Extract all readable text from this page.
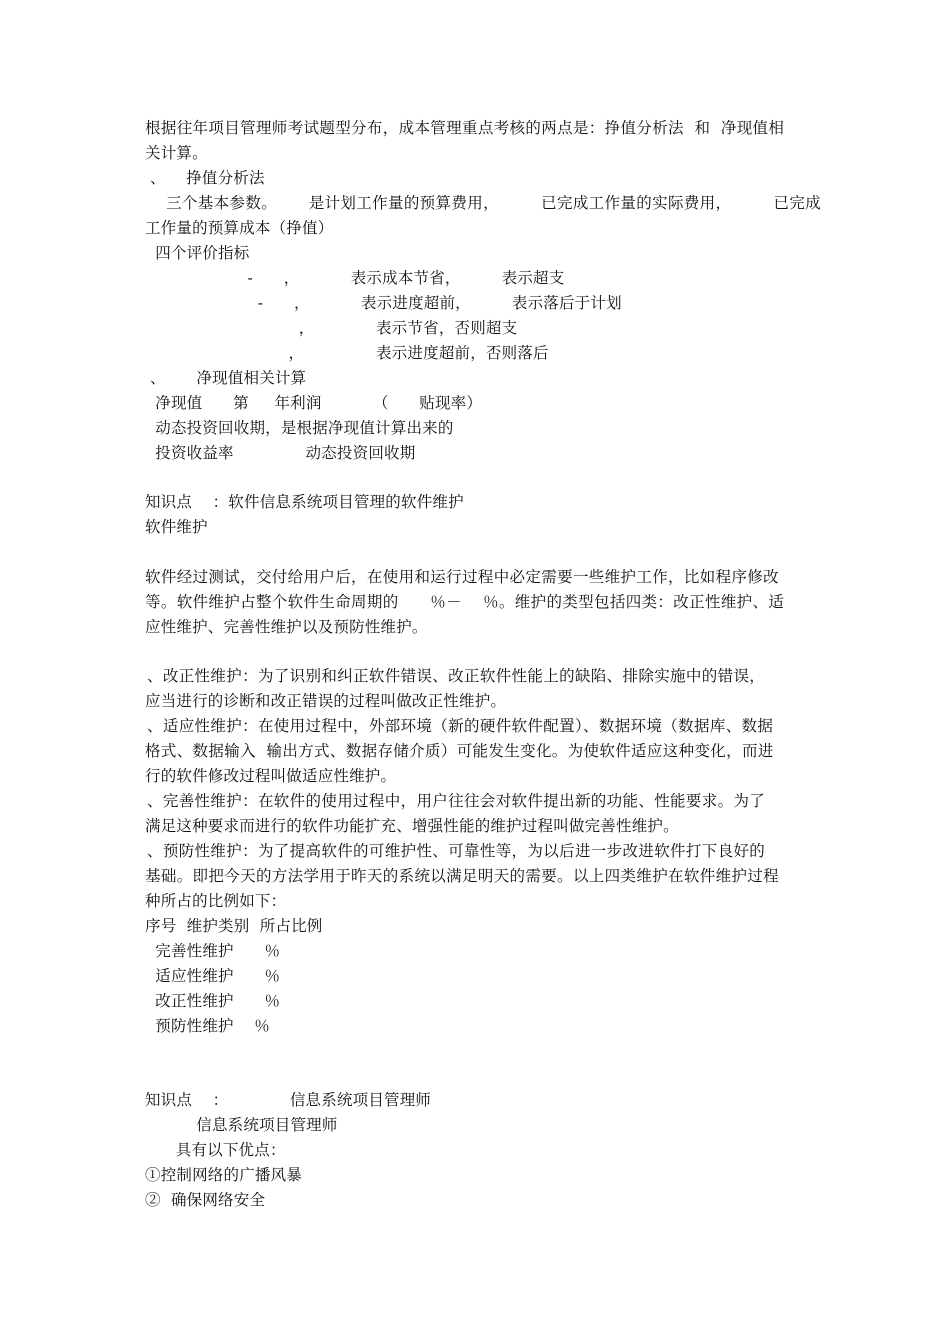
根据往年项目管理师考试题型分布，成本管理重点考核的两点是：挣值分析法  和  净现值相
关计算。
、    挣值分析法
三个基本参数。      是计划工作量的预算费用，        已完成工作量的实际费用，        已完成
工作量的预算成本（挣值）
四个评价指标
-      ，          表示成本节省，        表示超支
-      ，          表示进度超前，        表示落后于计划
，            表示节省，否则超支
，              表示进度超前，否则落后
、      净现值相关计算
净现值      第     年利润          （      贴现率）
动态投资回收期，是根据净现值计算出来的
投资收益率              动态投资回收期
知识点    ：软件信息系统项目管理的软件维护
软件维护
软件经过测试，交付给用户后，在使用和运行过程中必定需要一些维护工作，比如程序修改
等。软件维护占整个软件生命周期的      ％－    ％。维护的类型包括四类：改正性维护、适
应性维护、完善性维护以及预防性维护。
、改正性维护：为了识别和纠正软件错误、改正软件性能上的缺陷、排除实施中的错误，
应当进行的诊断和改正错误的过程叫做改正性维护。
、适应性维护：在使用过程中，外部环境（新的硬件软件配置）、数据环境（数据库、数据
格式、数据输入  输出方式、数据存储介质）可能发生变化。为使软件适应这种变化，而进
行的软件修改过程叫做适应性维护。
、完善性维护：在软件的使用过程中，用户往往会对软件提出新的功能、性能要求。为了
满足这种要求而进行的软件功能扩充、增强性能的维护过程叫做完善性维护。
、预防性维护：为了提高软件的可维护性、可靠性等，为以后进一步改进软件打下良好的
基础。即把今天的方法学用于昨天的系统以满足明天的需要。以上四类维护在软件维护过程
种所占的比例如下：
序号  维护类别  所占比例
完善性维护      ％
适应性维护      ％
改正性维护      ％
预防性维护    ％
知识点    ：            信息系统项目管理师
信息系统项目管理师
具有以下优点：
①控制网络的广播风暴
②  确保网络安全
